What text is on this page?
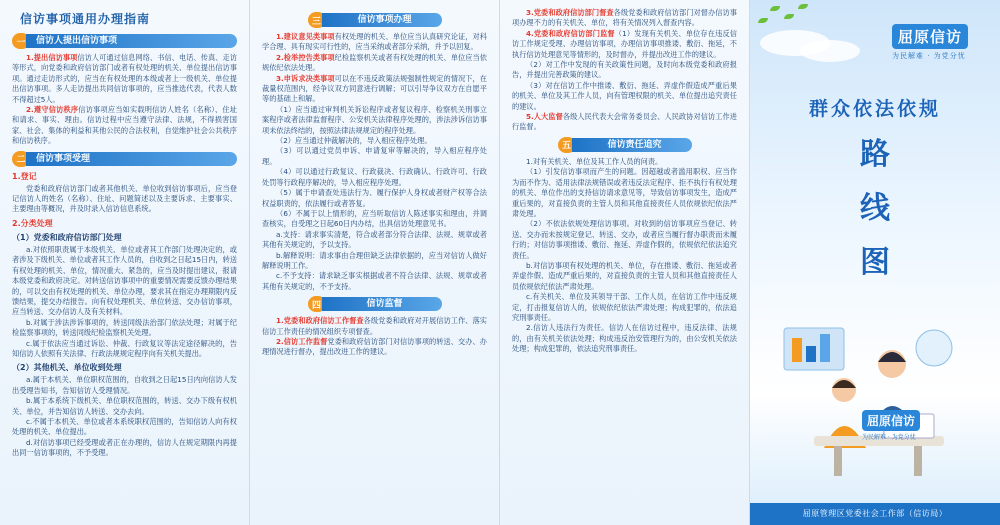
信访事项通用办理指南
一	信访人提出信访事项

1.提出信访事项信访人可通过信息网络、书信、电话、传真、走访等形式，向党委和政府信访部门或者有权处理的机关、单位提出信访事项。通过走访形式的，应当在有权处理的本级或者上一级机关、单位提出信访事项。多人走访提出共同信访事项的，应当推选代表，代表人数不得超过5人。

2.遵守信访秩序信访事项应当如实载明信访人姓名（名称）、住址和请求、事实、理由。信访过程中应当遵守法律、法规，不得损害国家、社会、集体的利益和其他公民的合法权利，自觉维护社会公共秩序和信访秩序。

二	信访事项受理
1.登记

党委和政府信访部门或者其他机关、单位收到信访事项后，应当登记信访人的姓名（名称）、住址、问题简述以及主要诉求、主要事实、主要理由等概况，并及时录入信访信息系统。

2.分类处理
（1）党委和政府信访部门处理

a.对依照职责属于本级机关、单位或者其工作部门处理决定的，或者涉及下级机关、单位或者其工作人员的，自收到之日起15日内，转送有权处理的机关、单位，情况重大、紧急的，应当及时提出建议，报请本级党委和政府决定。对转送信访事项中的重要情况需要反馈办理结果的，可以交由有权处理的机关、单位办理，要求其在指定办理期限内反馈结果，提交办结报告。向有权处理机关、单位转送、交办信访事项，应当转送、交办信访人及有关材料。

b.对属于涉法涉诉事项的，转送同级法治部门依法处理；对属于纪检监察事项的，转送同级纪检监察机关处理。

c.属于依法应当通过诉讼、仲裁、行政复议等法定途径解决的，告知信访人依照有关法律、行政法规规定程序向有关机关提出。

（2）其他机关、单位收到处理

a.属于本机关、单位职权范围的，自收到之日起15日内向信访人发出受理告知书，告知信访人受理情况。

b.属于本系统下级机关、单位职权范围的，转送、交办下级有权机关、单位，并告知信访人转送、交办去向。

c.不属于本机关、单位或者本系统职权范围的，告知信访人向有权处理的机关、单位提出。

d.对信访事项已经受理或者正在办理的，信访人在规定期限内再提出同一信访事项的，不予受理。

三	信访事项办理

1.建议意见类事项有权处理的机关、单位应当认真研究论证，对科学合理、具有现实可行性的，应当采纳或者部分采纳，并予以回复。

2.检举控告类事项纪检监察机关或者有权处理的机关、单位应当依规依纪依法处理。

3.申诉求决类事项可以在不违反政策法规强制性规定的情况下，在裁量权范围内，经争议双方同意进行调解；可以引导争议双方在自愿平等的基础上和解。

（1）应当通过审判机关诉讼程序或者复议程序、检察机关刑事立案程序或者法律监督程序、公安机关法律程序处理的，涉法涉诉信访事项未依法终结的，按照法律法规规定的程序处理。

（2）应当通过仲裁解决的，导入相应程序处理。

（3）可以通过党员申诉、申请复审等解决的，导入相应程序处理。

（4）可以通过行政复议、行政裁决、行政确认、行政许可、行政处罚等行政程序解决的，导入相应程序处理。

（5）属于申请查处违法行为、履行保护人身权或者财产权等合法权益职责的，依法履行或者答复。

（6）不属于以上情形的，应当听取信访人陈述事实和理由，并调查核实，自受理之日起60日内办结，出具信访处理意见书。

a.支持：请求事实清楚，符合或者部分符合法律、法规、规章或者其他有关规定的，予以支持。

b.解释说明：请求事由合理但缺乏法律依据的，应当对信访人做好解释说明工作。

c.不予支持：请求缺乏事实根据或者不符合法律、法规、规章或者其他有关规定的，不予支持。

四	信访监督

1.党委和政府信访工作督查各级党委和政府对开展信访工作、落实信访工作责任的情况组织专项督查。

2.信访工作监督党委和政府信访部门对信访事项的转送、交办、办理情况进行督办，提出改进工作的建议。

3.党委和政府信访部门督查各级党委和政府信访部门对督办信访事项办理不力的有关机关、单位，将有关情况列入督查内容。

4.党委和政府信访部门监督（1）发现有关机关、单位存在违反信访工作规定受理、办理信访事项，办理信访事项推诿、敷衍、拖延，不执行信访处理意见等情形的，及时督办，并提出改进工作的建议。

（2）对工作中发现的有关政策性问题，及时向本级党委和政府报告，并提出完善政策的建议。

（3）对在信访工作中推诿、敷衍、拖延、弄虚作假造成严重后果的机关、单位及其工作人员，向有管理权限的机关、单位提出追究责任的建议。

5.人大监督各级人民代表大会常务委员会、人民政协对信访工作进行监督。

五	信访责任追究

1.对有关机关、单位及其工作人员的问责。

（1）引发信访事项而产生的问题。因超越或者滥用职权、应当作为而不作为、适用法律法规错误或者违反法定程序、拒不执行有权处理的机关、单位作出的支持信访请求意见等，导致信访事项发生，造成严重后果的，对直接负责的主管人员和其他直接责任人员依规依纪依法严肃处理。

（2）不依法依规处理信访事项。对收到的信访事项应当登记、转送、交办而未按规定登记、转送、交办，或者应当履行督办职责而未履行的；对信访事项推诿、敷衍、拖延、弄虚作假的，依规依纪依法追究责任。

b.对信访事项有权处理的机关、单位，存在推诿、敷衍、拖延或者弄虚作假、造成严重后果的，对直接负责的主管人员和其他直接责任人员依规依纪依法严肃处理。

c.有关机关、单位及其领导干部、工作人员，在信访工作中违反规定，打击报复信访人的，依规依纪依法严肃处理；构成犯罪的，依法追究刑事责任。

2.信访人违法行为责任。信访人在信访过程中，违反法律、法规的，由有关机关依法处理；构成违反治安管理行为的，由公安机关依法处理；构成犯罪的，依法追究刑事责任。

屈原信访
为民解难 · 为党分忧
群众依法依规
路
线
图
屈原信访
为民解难 · 为党分忧
屈原管理区党委社会工作部（信访局）
